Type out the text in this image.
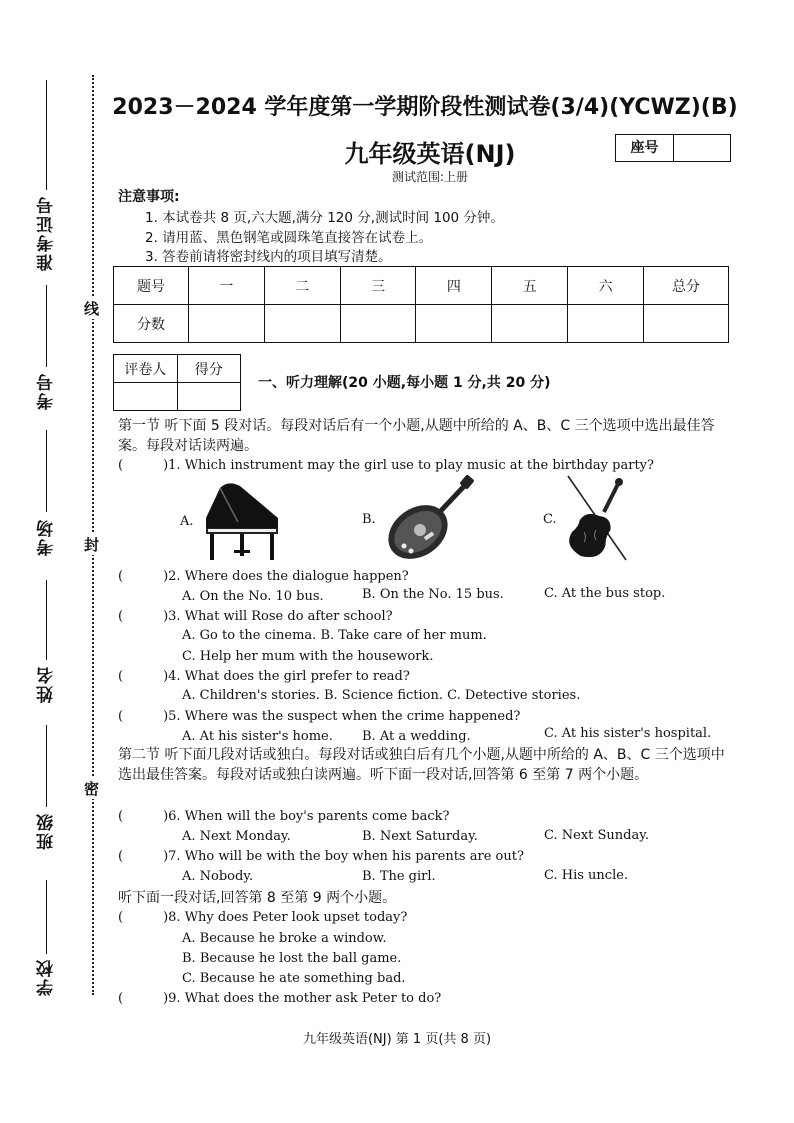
准考证号
考号
考场
姓名
班级
学校
线
封
密
2023－2024 学年度第一学期阶段性测试卷(3/4)(YCWZ)(B)
九年级英语(NJ)	座号
测试范围:上册
注意事项:
1. 本试卷共 8 页,六大题,满分 120 分,测试时间 100 分钟。
2. 请用蓝、黑色钢笔或圆珠笔直接答在试卷上。
3. 答卷前请将密封线内的项目填写清楚。
题号	一	二	三	四	五	六	总分
分数							
评卷人	得分

一、听力理解(20 小题,每小题 1 分,共 20 分)
第一节 听下面 5 段对话。每段对话后有一个小题,从题中所给的 A、B、C 三个选项中选出最佳答案。每段对话读两遍。
(	)1. Which instrument may the girl use to play music at the birthday party?
A.	B.	C.
(	)2. Where does the dialogue happen?
A. On the No. 10 bus.	B. On the No. 15 bus.	C. At the bus stop.
(	)3. What will Rose do after school?
A. Go to the cinema. B. Take care of her mum.
C. Help her mum with the housework.
(	)4. What does the girl prefer to read?
A. Children's stories. B. Science fiction. C. Detective stories.
(	)5. Where was the suspect when the crime happened?
A. At his sister's home. B. At a wedding.	C. At his sister's hospital.
第二节 听下面几段对话或独白。每段对话或独白后有几个小题,从题中所给的 A、B、C 三个选项中选出最佳答案。每段对话或独白读两遍。听下面一段对话,回答第 6 至第 7 两个小题。
(	)6. When will the boy's parents come back?
A. Next Monday.	B. Next Saturday.	C. Next Sunday.
(	)7. Who will be with the boy when his parents are out?
A. Nobody.	B. The girl.	C. His uncle.
听下面一段对话,回答第 8 至第 9 两个小题。
(	)8. Why does Peter look upset today?
A. Because he broke a window.
B. Because he lost the ball game.
C. Because he ate something bad.
(	)9. What does the mother ask Peter to do?
九年级英语(NJ) 第 1 页(共 8 页)
